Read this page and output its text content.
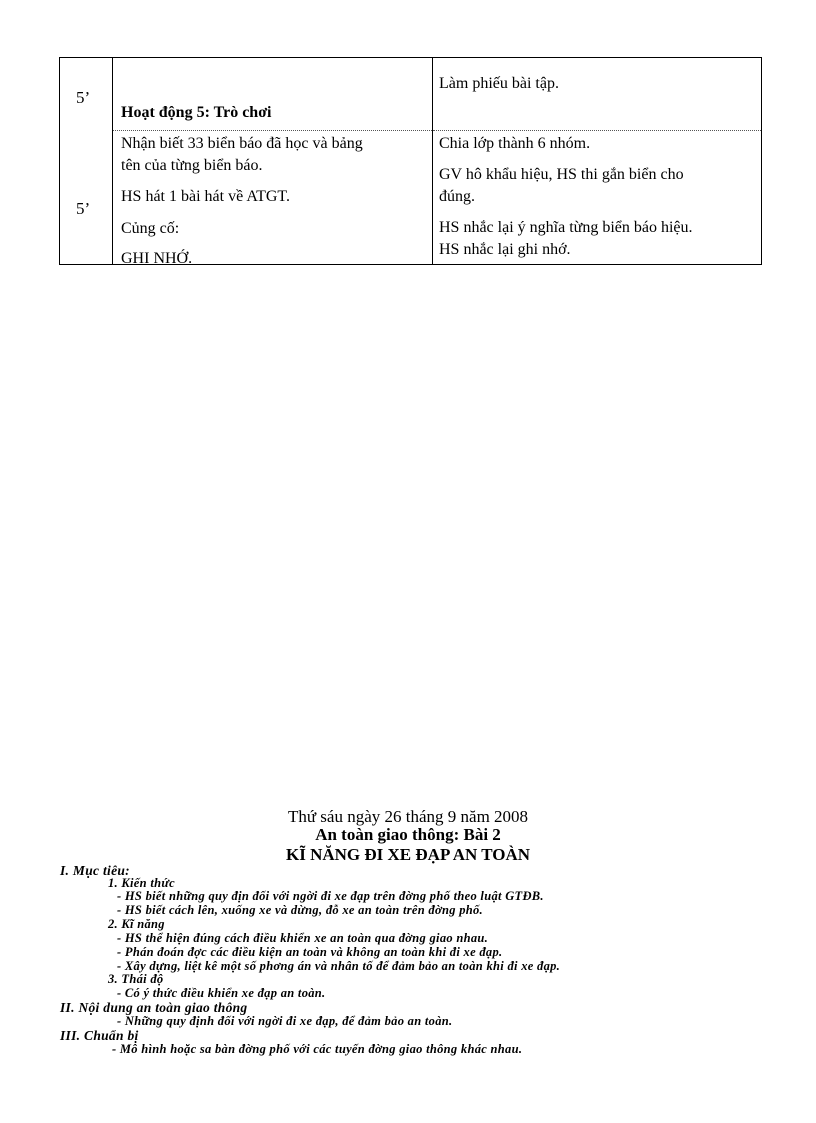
5’
Hoạt động 5: Trò chơi
Làm phiếu bài tập.
5’
Nhận biết 33 biển báo đã học và bảng
tên của từng biển báo.
HS hát 1 bài hát về ATGT.
Củng cố:
GHI NHỚ.
Chia lớp thành 6 nhóm.
GV hô khẩu hiệu, HS thi gắn biển cho
đúng.
HS nhắc lại ý nghĩa từng biển báo hiệu.
HS nhắc lại ghi nhớ.
Thứ sáu ngày 26 tháng 9 năm 2008
An toàn giao thông: Bài 2
KĨ NĂNG ĐI XE ĐẠP AN TOÀN
I. Mục tiêu:
1. Kiến thức
- HS biết những quy địn đối với ngời đi xe đạp trên đờng phố theo luật GTĐB.
- HS biết cách lên, xuống xe và dừng, đỗ xe an toàn trên đờng phố.
2. Kĩ năng
- HS thể hiện đúng cách điều khiển xe an toàn qua đờng giao nhau.
- Phán đoán đợc các điều kiện an toàn và không an toàn khi đi xe đạp.
- Xây dựng, liệt kê một số phơng án và nhân tố để đảm bảo an toàn khi đi xe đạp.
3. Thái độ
- Có ý thức điều khiển xe đạp an toàn.
II. Nội dung an toàn giao thông
- Những quy định đối với ngời đi xe đạp, để đảm bảo an toàn.
III. Chuẩn bị
- Mô hình hoặc sa bàn đờng phố với các tuyến đờng giao thông khác nhau.
